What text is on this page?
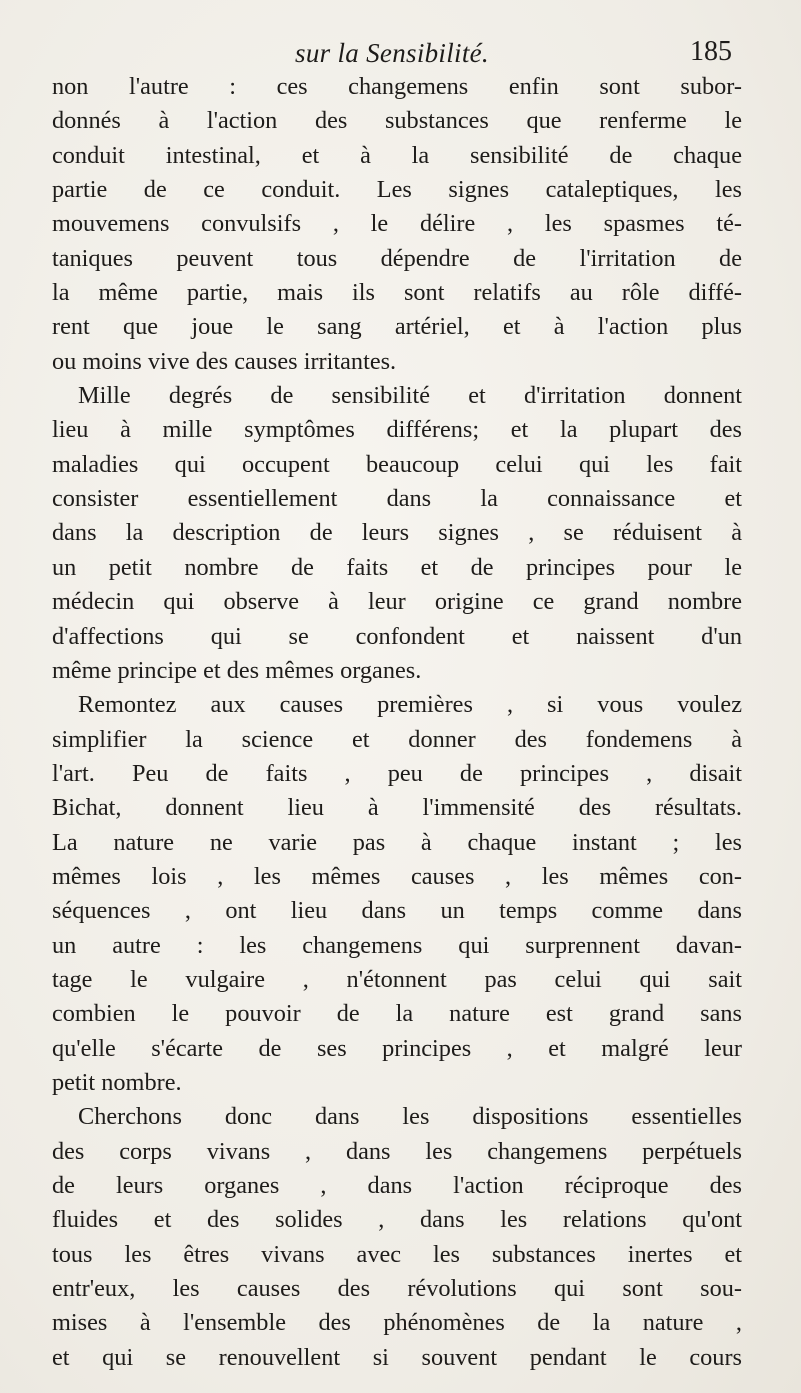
sur la Sensibilité.	185
non l'autre : ces changemens enfin sont subor-
donnés à l'action des substances que renferme le
conduit intestinal, et à la sensibilité de chaque
partie de ce conduit. Les signes cataleptiques, les
mouvemens convulsifs , le délire , les spasmes té-
taniques peuvent tous dépendre de l'irritation de
la même partie, mais ils sont relatifs au rôle diffé-
rent que joue le sang artériel, et à l'action plus
ou moins vive des causes irritantes.
Mille degrés de sensibilité et d'irritation donnent
lieu à mille symptômes différens; et la plupart des
maladies qui occupent beaucoup celui qui les fait
consister essentiellement dans la connaissance et
dans la description de leurs signes , se réduisent à
un petit nombre de faits et de principes pour le
médecin qui observe à leur origine ce grand nombre
d'affections qui se confondent et naissent d'un
même principe et des mêmes organes.
Remontez aux causes premières , si vous voulez
simplifier la science et donner des fondemens à
l'art. Peu de faits , peu de principes , disait
Bichat, donnent lieu à l'immensité des résultats.
La nature ne varie pas à chaque instant ; les
mêmes lois , les mêmes causes , les mêmes con-
séquences , ont lieu dans un temps comme dans
un autre : les changemens qui surprennent davan-
tage le vulgaire , n'étonnent pas celui qui sait
combien le pouvoir de la nature est grand sans
qu'elle s'écarte de ses principes , et malgré leur
petit nombre.
Cherchons donc dans les dispositions essentielles
des corps vivans , dans les changemens perpétuels
de leurs organes , dans l'action réciproque des
fluides et des solides , dans les relations qu'ont
tous les êtres vivans avec les substances inertes et
entr'eux, les causes des révolutions qui sont sou-
mises à l'ensemble des phénomènes de la nature ,
et qui se renouvellent si souvent pendant le cours
